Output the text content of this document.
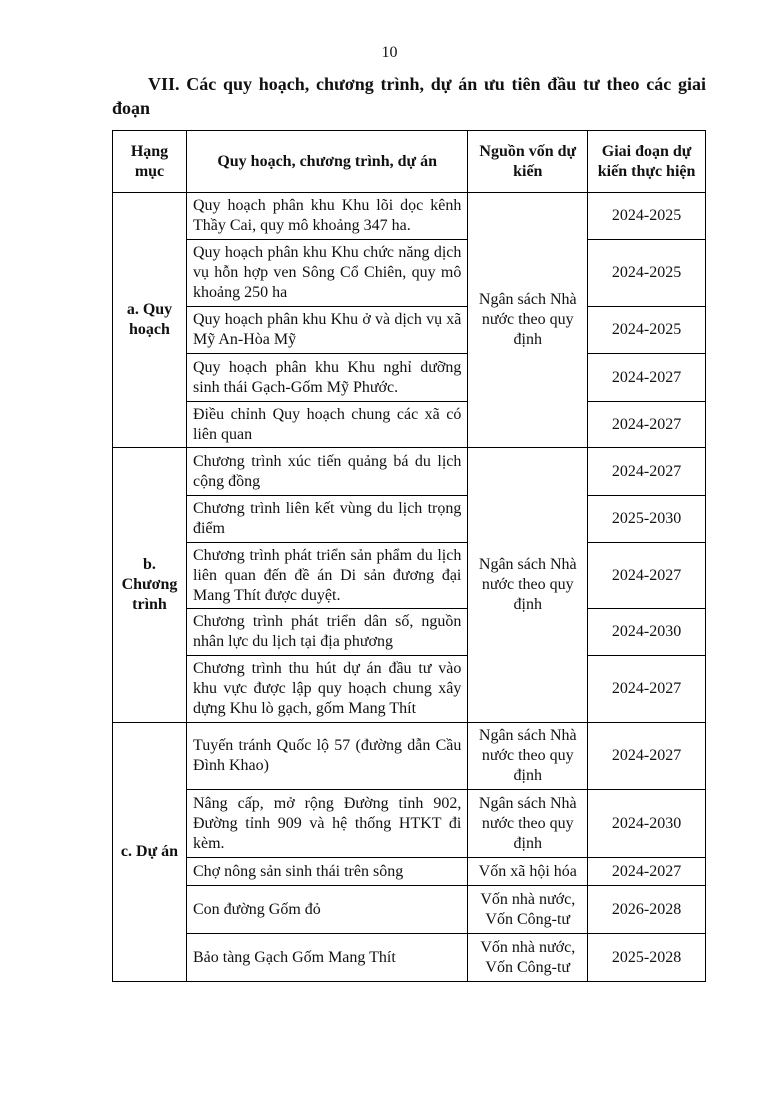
10
VII. Các quy hoạch, chương trình, dự án ưu tiên đầu tư theo các giai
đoạn
Hạng mục	Quy hoạch, chương trình, dự án	Nguồn vốn dự kiến	Giai đoạn dự kiến thực hiện
a. Quy hoạch	Quy hoạch phân khu Khu lõi dọc kênh Thầy Cai, quy mô khoảng 347 ha.	Ngân sách Nhà nước theo quy định	2024-2025
	Quy hoạch phân khu Khu chức năng dịch vụ hỗn hợp ven Sông Cổ Chiên, quy mô khoảng 250 ha		2024-2025
	Quy hoạch phân khu Khu ở và dịch vụ xã Mỹ An-Hòa Mỹ		2024-2025
	Quy hoạch phân khu Khu nghỉ dưỡng sinh thái Gạch-Gốm Mỹ Phước.		2024-2027
	Điều chỉnh Quy hoạch chung các xã có liên quan		2024-2027
b. Chương trình	Chương trình xúc tiến quảng bá du lịch cộng đồng	Ngân sách Nhà nước theo quy định	2024-2027
	Chương trình liên kết vùng du lịch trọng điểm		2025-2030
	Chương trình phát triển sản phẩm du lịch liên quan đến đề án Di sản đương đại Mang Thít được duyệt.		2024-2027
	Chương trình phát triển dân số, nguồn nhân lực du lịch tại địa phương		2024-2030
	Chương trình thu hút dự án đầu tư vào khu vực được lập quy hoạch chung xây dựng Khu lò gạch, gốm Mang Thít		2024-2027
c. Dự án	Tuyến tránh Quốc lộ 57 (đường dẫn Cầu Đình Khao)	Ngân sách Nhà nước theo quy định	2024-2027
	Nâng cấp, mở rộng Đường tỉnh 902, Đường tỉnh 909 và hệ thống HTKT đi kèm.	Ngân sách Nhà nước theo quy định	2024-2030
	Chợ nông sản sinh thái trên sông	Vốn xã hội hóa	2024-2027
	Con đường Gốm đỏ	Vốn nhà nước, Vốn Công-tư	2026-2028
	Bảo tàng Gạch Gốm Mang Thít	Vốn nhà nước, Vốn Công-tư	2025-2028
